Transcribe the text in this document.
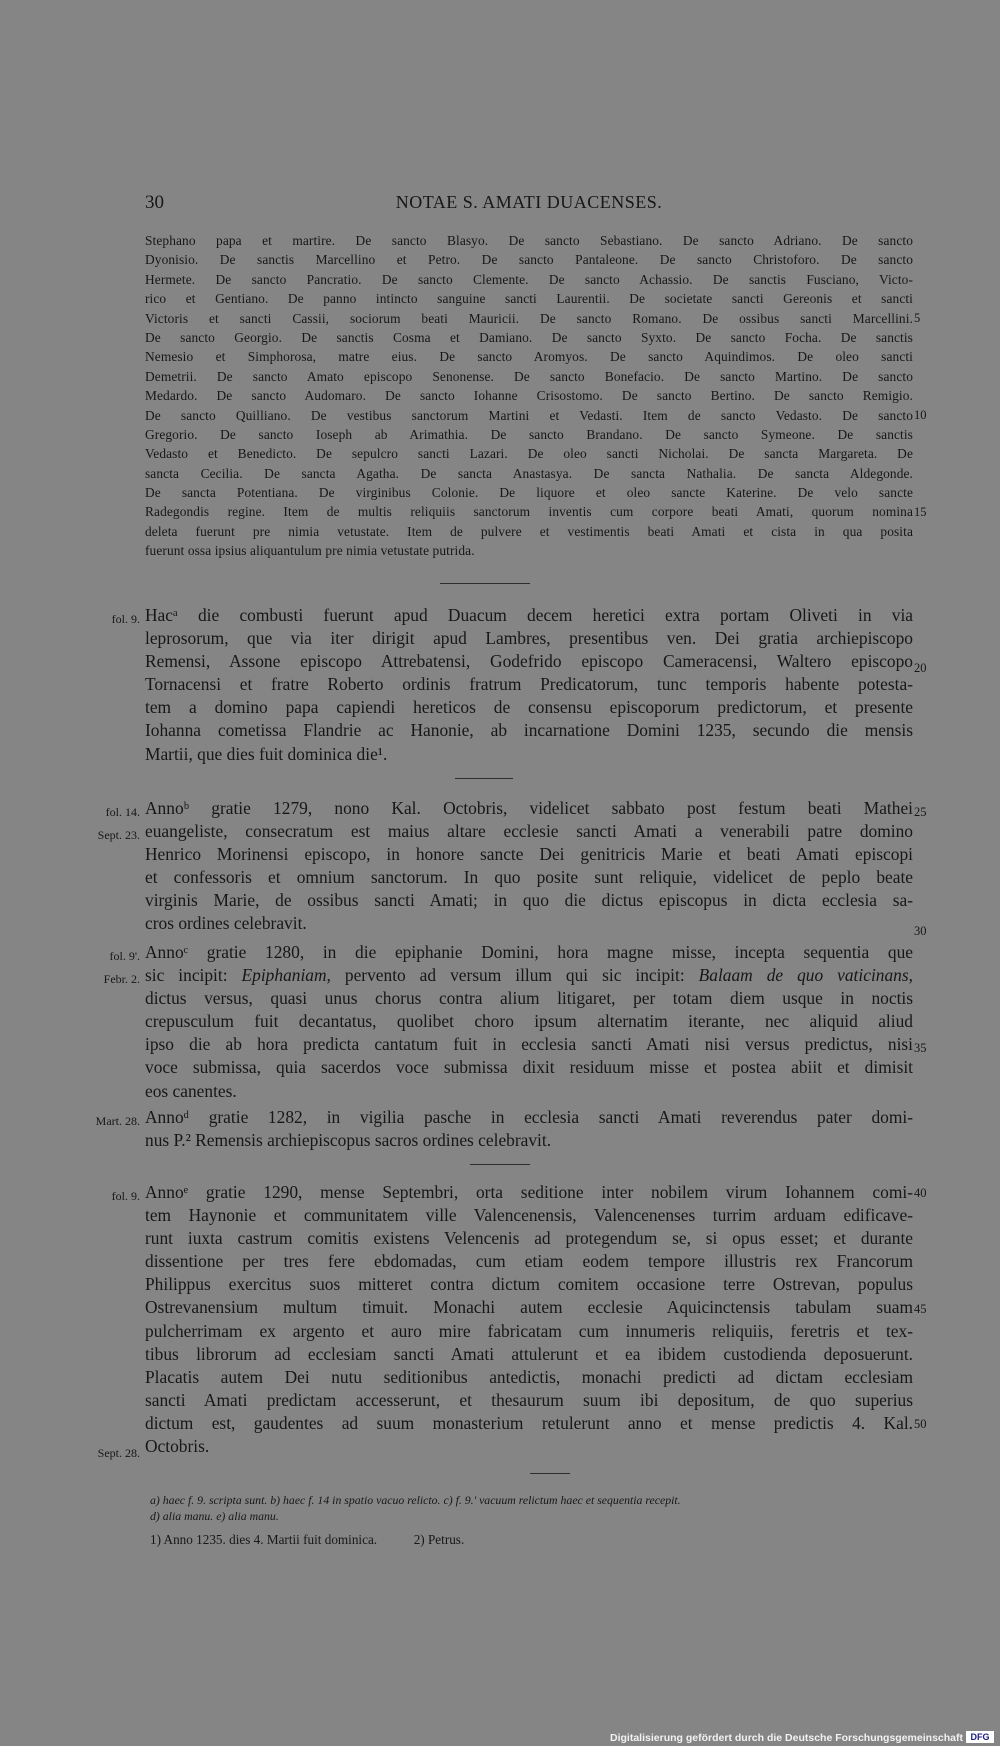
30	NOTAE S. AMATI DUACENSES.
Stephano papa et martire. De sancto Blasyo. De sancto Sebastiano. De sancto Adriano. De sancto
Dyonisio. De sanctis Marcellino et Petro. De sancto Pantaleone. De sancto Christoforo. De sancto
Hermete. De sancto Pancratio. De sancto Clemente. De sancto Achassio. De sanctis Fusciano, Victo-
rico et Gentiano. De panno intincto sanguine sancti Laurentii. De societate sancti Gereonis et sancti
Victoris et sancti Cassii, sociorum beati Mauricii. De sancto Romano. De ossibus sancti Marcellini.
De sancto Georgio. De sanctis Cosma et Damiano. De sancto Syxto. De sancto Focha. De sanctis
Nemesio et Simphorosa, matre eius. De sancto Aromyos. De sancto Aquindimos. De oleo sancti
Demetrii. De sancto Amato episcopo Senonense. De sancto Bonefacio. De sancto Martino. De sancto
Medardo. De sancto Audomaro. De sancto Iohanne Crisostomo. De sancto Bertino. De sancto Remigio.
De sancto Quilliano. De vestibus sanctorum Martini et Vedasti. Item de sancto Vedasto. De sancto
Gregorio. De sancto Ioseph ab Arimathia. De sancto Brandano. De sancto Symeone. De sanctis
Vedasto et Benedicto. De sepulcro sancti Lazari. De oleo sancti Nicholai. De sancta Margareta. De
sancta Cecilia. De sancta Agatha. De sancta Anastasya. De sancta Nathalia. De sancta Aldegonde.
De sancta Potentiana. De virginibus Colonie. De liquore et oleo sancte Katerine. De velo sancte
Radegondis regine. Item de multis reliquiis sanctorum inventis cum corpore beati Amati, quorum nomina
deleta fuerunt pre nimia vetustate. Item de pulvere et vestimentis beati Amati et cista in qua posita
fuerunt ossa ipsius aliquantulum pre nimia vetustate putrida.
5
10
15
fol. 9. Hacᵃ die combusti fuerunt apud Duacum decem heretici extra portam Oliveti in via
leprosorum, que via iter dirigit apud Lambres, presentibus ven. Dei gratia archiepiscopo
Remensi, Assone episcopo Attrebatensi, Godefrido episcopo Cameracensi, Waltero episcopo
Tornacensi et fratre Roberto ordinis fratrum Predicatorum, tunc temporis habente potesta-
tem a domino papa capiendi hereticos de consensu episcoporum predictorum, et presente
Iohanna cometissa Flandrie ac Hanonie, ab incarnatione Domini 1235, secundo die mensis
Martii, que dies fuit dominica die¹.
20
fol. 14.
Sept. 23.
Annoᵇ gratie 1279, nono Kal. Octobris, videlicet sabbato post festum beati Mathei
euangeliste, consecratum est maius altare ecclesie sancti Amati a venerabili patre domino
Henrico Morinensi episcopo, in honore sancte Dei genitricis Marie et beati Amati episcopi
et confessoris et omnium sanctorum. In quo posite sunt reliquie, videlicet de peplo beate
virginis Marie, de ossibus sancti Amati; in quo die dictus episcopus in dicta ecclesia sa-
cros ordines celebravit.
25
30
fol. 9'.
Febr. 2.
Annoᶜ gratie 1280, in die epiphanie Domini, hora magne misse, incepta sequentia que
sic incipit: Epiphaniam, pervento ad versum illum qui sic incipit: Balaam de quo vaticinans,
dictus versus, quasi unus chorus contra alium litigaret, per totam diem usque in noctis
crepusculum fuit decantatus, quolibet choro ipsum alternatim iterante, nec aliquid aliud
ipso die ab hora predicta cantatum fuit in ecclesia sancti Amati nisi versus predictus, nisi
voce submissa, quia sacerdos voce submissa dixit residuum misse et postea abiit et dimisit
eos canentes.
35
Mart. 28. Annoᵈ gratie 1282, in vigilia pasche in ecclesia sancti Amati reverendus pater domi-
nus P.² Remensis archiepiscopus sacros ordines celebravit.
fol. 9.
Sept. 28.
Annoᵉ gratie 1290, mense Septembri, orta seditione inter nobilem virum Iohannem comi-
tem Haynonie et communitatem ville Valencenensis, Valencenenses turrim arduam edificave-
runt iuxta castrum comitis existens Velencenis ad protegendum se, si opus esset; et durante
dissentione per tres fere ebdomadas, cum etiam eodem tempore illustris rex Francorum
Philippus exercitus suos mitteret contra dictum comitem occasione terre Ostrevan, populus
Ostrevanensium multum timuit. Monachi autem ecclesie Aquicinctensis tabulam suam
pulcherrimam ex argento et auro mire fabricatam cum innumeris reliquiis, feretris et tex-
tibus librorum ad ecclesiam sancti Amati attulerunt et ea ibidem custodienda deposuerunt.
Placatis autem Dei nutu seditionibus antedictis, monachi predicti ad dictam ecclesiam
sancti Amati predictam accesserunt, et thesaurum suum ibi depositum, de quo superius
dictum est, gaudentes ad suum monasterium retulerunt anno et mense predictis 4. Kal.
Octobris.
40
45
50
a) haec f. 9. scripta sunt. b) haec f. 14 in spatio vacuo relicto. c) f. 9.' vacuum relictum haec et sequentia recepit.
d) alia manu. e) alia manu.
1) Anno 1235. dies 4. Martii fuit dominica.	2) Petrus.
Digitalisierung gefördert durch die Deutsche Forschungsgemeinschaft DFG
